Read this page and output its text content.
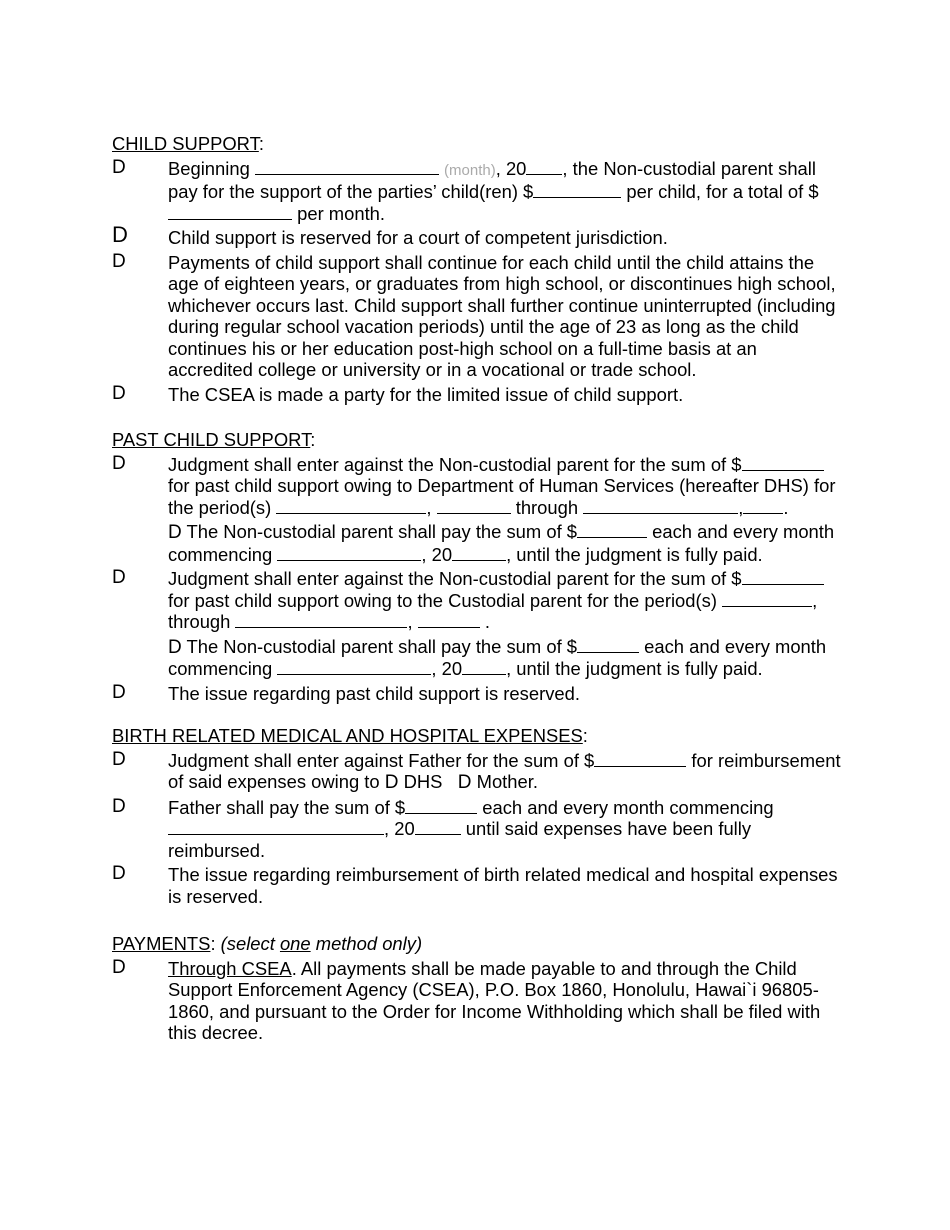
CHILD SUPPORT:
D Beginning	(month), 20 , the Non-custodial parent shall pay for the support of the parties’ child(ren) $	per child, for a total of $ per month.
D Child support is reserved for a court of competent jurisdiction.
D Payments of child support shall continue for each child until the child attains the age of eighteen years, or graduates from high school, or discontinues high school, whichever occurs last. Child support shall further continue uninterrupted (including during regular school vacation periods) until the age of 23 as long as the child continues his or her education post-high school on a full-time basis at an accredited college or university or in a vocational or trade school.
D The CSEA is made a party for the limited issue of child support.
PAST CHILD SUPPORT:
D Judgment shall enter against the Non-custodial parent for the sum of $ for past child support owing to Department of Human Services (hereafter DHS) for the period(s)	,	through	, .
D The Non-custodial parent shall pay the sum of $	each and every month commencing	, 20	, until the judgment is fully paid.
D Judgment shall enter against the Non-custodial parent for the sum of $ for past child support owing to the Custodial parent for the period(s)	, through	,	.
D The Non-custodial parent shall pay the sum of $	each and every month commencing	, 20 , until the judgment is fully paid.
D The issue regarding past child support is reserved.
BIRTH RELATED MEDICAL AND HOSPITAL EXPENSES:
D Judgment shall enter against Father for the sum of $	for reimbursement of said expenses owing to D DHS D Mother.
D Father shall pay the sum of $	each and every month commencing , 20	until said expenses have been fully reimbursed.
D The issue regarding reimbursement of birth related medical and hospital expenses is reserved.
PAYMENTS: (select one method only)
D Through CSEA. All payments shall be made payable to and through the Child Support Enforcement Agency (CSEA), P.O. Box 1860, Honolulu, Hawai`i 96805-1860, and pursuant to the Order for Income Withholding which shall be filed with this decree.
